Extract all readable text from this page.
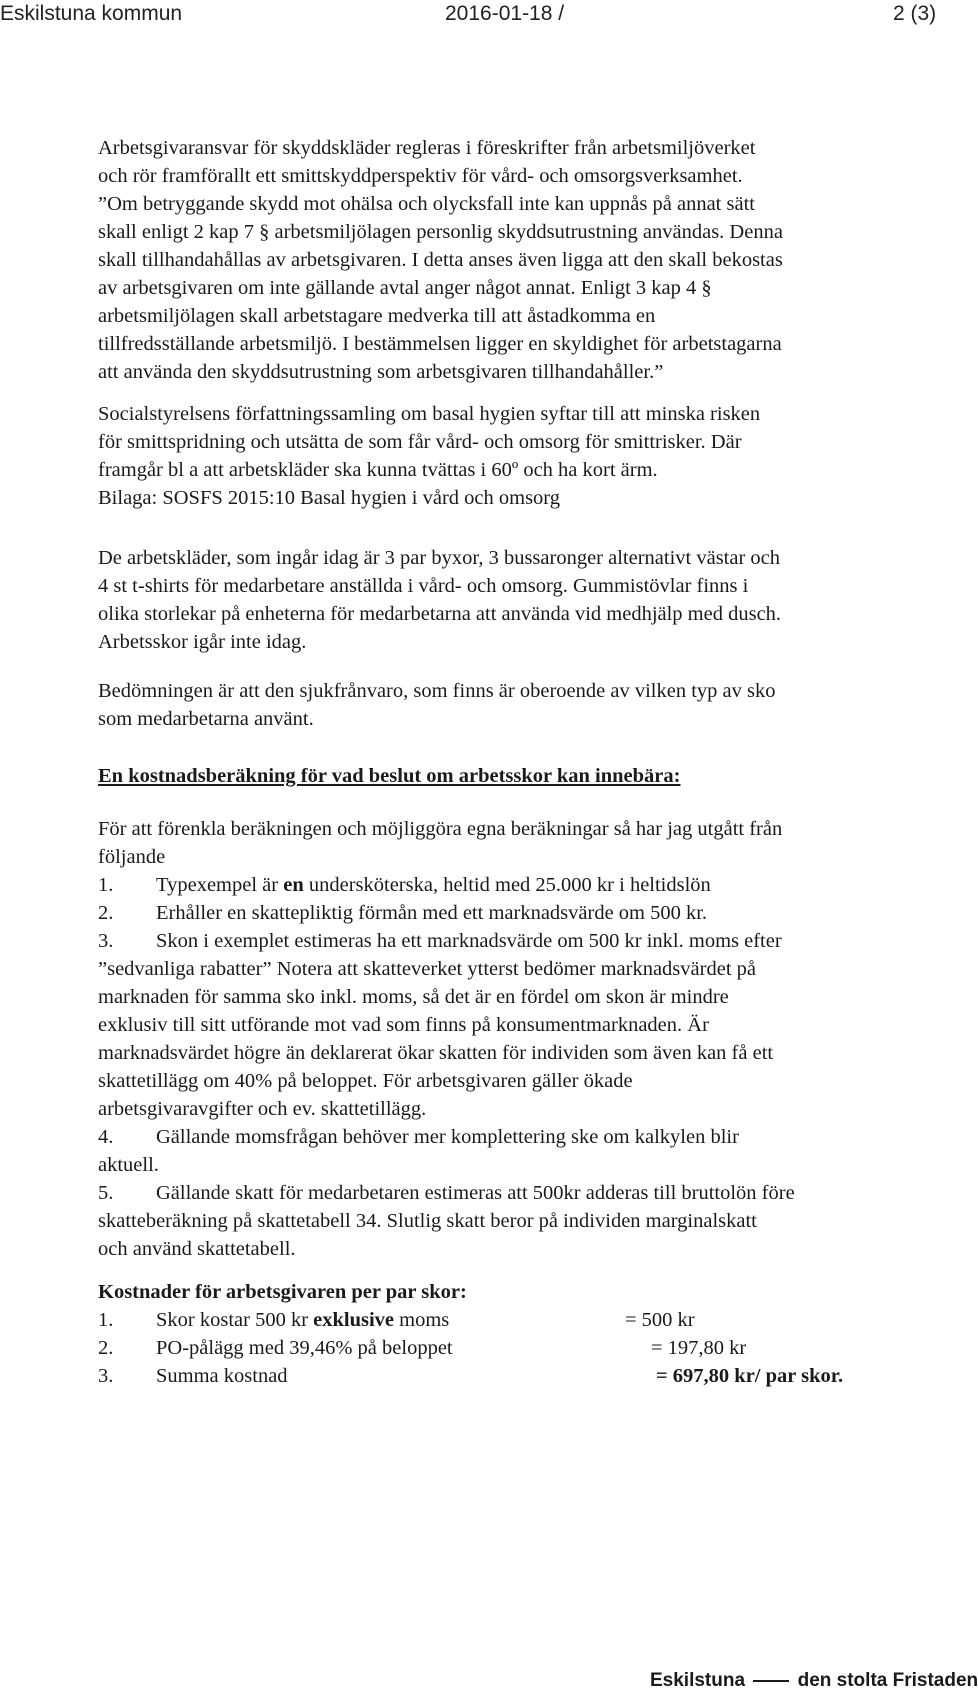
Eskilstuna kommun	2016-01-18 /	2 (3)
Arbetsgivaransvar för skyddskläder regleras i föreskrifter från arbetsmiljöverket
och rör framförallt ett smittskyddperspektiv för vård- och omsorgsverksamhet.
”Om betryggande skydd mot ohälsa och olycksfall inte kan uppnås på annat sätt
skall enligt 2 kap 7 § arbetsmiljölagen personlig skyddsutrustning användas. Denna
skall tillhandahållas av arbetsgivaren. I detta anses även ligga att den skall bekostas
av arbetsgivaren om inte gällande avtal anger något annat. Enligt 3 kap 4 §
arbetsmiljölagen skall arbetstagare medverka till att åstadkomma en
tillfredsställande arbetsmiljö. I bestämmelsen ligger en skyldighet för arbetstagarna
att använda den skyddsutrustning som arbetsgivaren tillhandahåller.”
Socialstyrelsens författningssamling om basal hygien syftar till att minska risken
för smittspridning och utsätta de som får vård- och omsorg för smittrisker. Där
framgår bl a att arbetskläder ska kunna tvättas i 60º och ha kort ärm.
Bilaga: SOSFS 2015:10 Basal hygien i vård och omsorg
De arbetskläder, som ingår idag är 3 par byxor, 3 bussaronger alternativt västar och
4 st t-shirts för medarbetare anställda i vård- och omsorg. Gummistövlar finns i
olika storlekar på enheterna för medarbetarna att använda vid medhjälp med dusch.
Arbetsskor igår inte idag.
Bedömningen är att den sjukfrånvaro, som finns är oberoende av vilken typ av sko
som medarbetarna använt.
En kostnadsberäkning för vad beslut om arbetsskor kan innebära:
För att förenkla beräkningen och möjliggöra egna beräkningar så har jag utgått från
följande
1. Typexempel är en undersköterska, heltid med 25.000 kr i heltidslön
2. Erhåller en skattepliktig förmån med ett marknadsvärde om 500 kr.
3. Skon i exemplet estimeras ha ett marknadsvärde om 500 kr inkl. moms efter
”sedvanliga rabatter” Notera att skatteverket ytterst bedömer marknadsvärdet på
marknaden för samma sko inkl. moms, så det är en fördel om skon är mindre
exklusiv till sitt utförande mot vad som finns på konsumentmarknaden. Är
marknadsvärdet högre än deklarerat ökar skatten för individen som även kan få ett
skattetillägg om 40% på beloppet. För arbetsgivaren gäller ökade
arbetsgivaravgifter och ev. skattetillägg.
4. Gällande momsfrågan behöver mer komplettering ske om kalkylen blir
aktuell.
5. Gällande skatt för medarbetaren estimeras att 500kr adderas till bruttolön före
skatteberäkning på skattetabell 34. Slutlig skatt beror på individen marginalskatt
och använd skattetabell.
Kostnader för arbetsgivaren per par skor:
1. Skor kostar 500 kr exklusive moms	= 500 kr
2. PO-pålägg med 39,46% på beloppet	= 197,80 kr
3. Summa kostnad	= 697,80 kr/ par skor.
Eskilstuna	den stolta Fristaden
